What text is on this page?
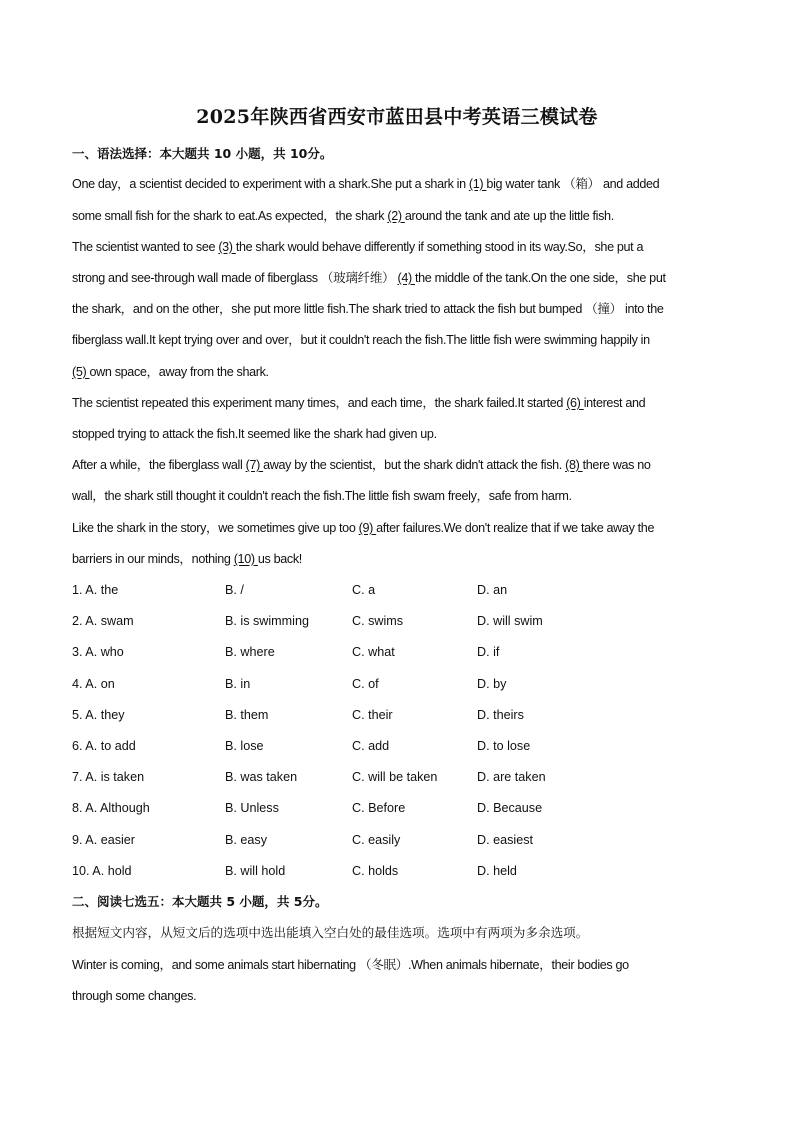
2025年陕西省西安市蓝田县中考英语三模试卷
一、语法选择：本大题共 10 小题，共 10分。
One day，a scientist decided to experiment with a shark.She put a shark in (1) big water tank （箱） and added
some small fish for the shark to eat.As expected，the shark (2) around the tank and ate up the little fish.
The scientist wanted to see (3) the shark would behave differently if something stood in its way.So，she put a
strong and see-through wall made of fiberglass （玻璃纤维） (4) the middle of the tank.On the one side，she put
the shark，and on the other，she put more little fish.The shark tried to attack the fish but bumped （撞） into the
fiberglass wall.It kept trying over and over，but it couldn't reach the fish.The little fish were swimming happily in
(5) own space，away from the shark.
The scientist repeated this experiment many times，and each time，the shark failed.It started (6) interest and
stopped trying to attack the fish.It seemed like the shark had given up.
After a while，the fiberglass wall (7) away by the scientist，but the shark didn't attack the fish. (8) there was no
wall，the shark still thought it couldn't reach the fish.The little fish swam freely，safe from harm.
Like the shark in the story，we sometimes give up too (9) after failures.We don't realize that if we take away the
barriers in our minds，nothing (10) us back!
1. A. the	B. /	C. a	D. an
2. A. swam	B. is swimming	C. swims	D. will swim
3. A. who	B. where	C. what	D. if
4. A. on	B. in	C. of	D. by
5. A. they	B. them	C. their	D. theirs
6. A. to add	B. lose	C. add	D. to lose
7. A. is taken	B. was taken	C. will be taken	D. are taken
8. A. Although	B. Unless	C. Before	D. Because
9. A. easier	B. easy	C. easily	D. easiest
10. A. hold	B. will hold	C. holds	D. held
二、阅读七选五：本大题共 5 小题，共 5分。
根据短文内容，从短文后的选项中选出能填入空白处的最佳选项。选项中有两项为多余选项。
Winter is coming，and some animals start hibernating （冬眠）.When animals hibernate，their bodies go
through some changes.
